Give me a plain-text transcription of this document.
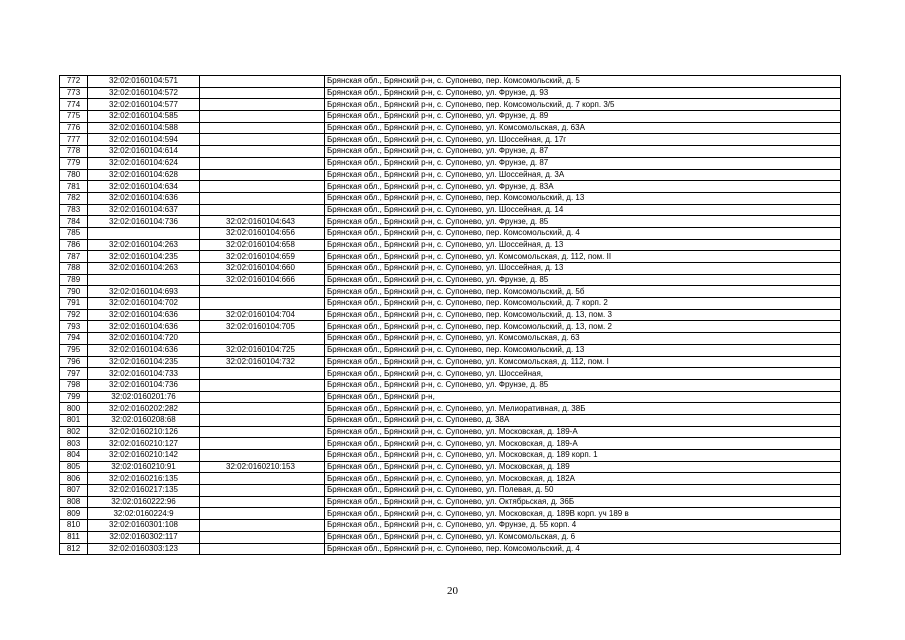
772	32:02:0160104:571		Брянская обл., Брянский р-н, с. Супонево, пер. Комсомольский, д. 5
773	32:02:0160104:572		Брянская обл., Брянский р-н, с. Супонево, ул. Фрунзе, д. 93
774	32:02:0160104:577		Брянская обл., Брянский р-н, с. Супонево, пер. Комсомольский, д. 7 корп. 3/5
775	32:02:0160104:585		Брянская обл., Брянский р-н, с. Супонево, ул. Фрунзе, д. 89
776	32:02:0160104:588		Брянская обл., Брянский р-н, с. Супонево, ул. Комсомольская, д. 63А
777	32:02:0160104:594		Брянская обл., Брянский р-н, с. Супонево, ул. Шоссейная, д. 17г
778	32:02:0160104:614		Брянская обл., Брянский р-н, с. Супонево, ул. Фрунзе, д. 87
779	32:02:0160104:624		Брянская обл., Брянский р-н, с. Супонево, ул. Фрунзе, д. 87
780	32:02:0160104:628		Брянская обл., Брянский р-н, с. Супонево, ул. Шоссейная, д. 3А
781	32:02:0160104:634		Брянская обл., Брянский р-н, с. Супонево, ул. Фрунзе, д. 83А
782	32:02:0160104:636		Брянская обл., Брянский р-н, с. Супонево, пер. Комсомольский, д. 13
783	32:02:0160104:637		Брянская обл., Брянский р-н, с. Супонево, ул. Шоссейная, д. 14
784	32:02:0160104:736	32:02:0160104:643	Брянская обл., Брянский р-н, с. Супонево, ул. Фрунзе, д. 85
785		32:02:0160104:656	Брянская обл., Брянский р-н, с. Супонево, пер. Комсомольский, д. 4
786	32:02:0160104:263	32:02:0160104:658	Брянская обл., Брянский р-н, с. Супонево, ул. Шоссейная, д. 13
787	32:02:0160104:235	32:02:0160104:659	Брянская обл., Брянский р-н, с. Супонево, ул. Комсомольская, д. 112, пом. II
788	32:02:0160104:263	32:02:0160104:660	Брянская обл., Брянский р-н, с. Супонево, ул. Шоссейная, д. 13
789		32:02:0160104:666	Брянская обл., Брянский р-н, с. Супонево, ул. Фрунзе, д. 85
790	32:02:0160104:693		Брянская обл., Брянский р-н, с. Супонево, пер. Комсомольский, д. 5б
791	32:02:0160104:702		Брянская обл., Брянский р-н, с. Супонево, пер. Комсомольский, д. 7 корп. 2
792	32:02:0160104:636	32:02:0160104:704	Брянская обл., Брянский р-н, с. Супонево, пер. Комсомольский, д. 13, пом. 3
793	32:02:0160104:636	32:02:0160104:705	Брянская обл., Брянский р-н, с. Супонево, пер. Комсомольский, д. 13, пом. 2
794	32:02:0160104:720		Брянская обл., Брянский р-н, с. Супонево, ул. Комсомольская, д. 63
795	32:02:0160104:636	32:02:0160104:725	Брянская обл., Брянский р-н, с. Супонево, пер. Комсомольский, д. 13
796	32:02:0160104:235	32:02:0160104:732	Брянская обл., Брянский р-н, с. Супонево, ул. Комсомольская, д. 112, пом. I
797	32:02:0160104:733		Брянская обл., Брянский р-н, с. Супонево, ул. Шоссейная,
798	32:02:0160104:736		Брянская обл., Брянский р-н, с. Супонево, ул. Фрунзе, д. 85
799	32:02:0160201:76		Брянская обл., Брянский р-н,
800	32:02:0160202:282		Брянская обл., Брянский р-н, с. Супонево, ул. Мелиоративная, д. 38Б
801	32:02:0160208:68		Брянская обл., Брянский р-н, с. Супонево, д. 38А
802	32:02:0160210:126		Брянская обл., Брянский р-н, с. Супонево, ул. Московская, д. 189-А
803	32:02:0160210:127		Брянская обл., Брянский р-н, с. Супонево, ул. Московская, д. 189-А
804	32:02:0160210:142		Брянская обл., Брянский р-н, с. Супонево, ул. Московская, д. 189 корп. 1
805	32:02:0160210:91	32:02:0160210:153	Брянская обл., Брянский р-н, с. Супонево, ул. Московская, д. 189
806	32:02:0160216:135		Брянская обл., Брянский р-н, с. Супонево, ул. Московская, д. 182А
807	32:02:0160217:135		Брянская обл., Брянский р-н, с. Супонево, ул. Полевая, д. 50
808	32:02:0160222:96		Брянская обл., Брянский р-н, с. Супонево, ул. Октябрьская, д. 36Б
809	32:02:0160224:9		Брянская обл., Брянский р-н, с. Супонево, ул. Московская, д. 189В корп. уч 189 в
810	32:02:0160301:108		Брянская обл., Брянский р-н, с. Супонево, ул. Фрунзе, д. 55 корп. 4
811	32:02:0160302:117		Брянская обл., Брянский р-н, с. Супонево, ул. Комсомольская, д. 6
812	32:02:0160303:123		Брянская обл., Брянский р-н, с. Супонево, пер. Комсомольский, д. 4
20
